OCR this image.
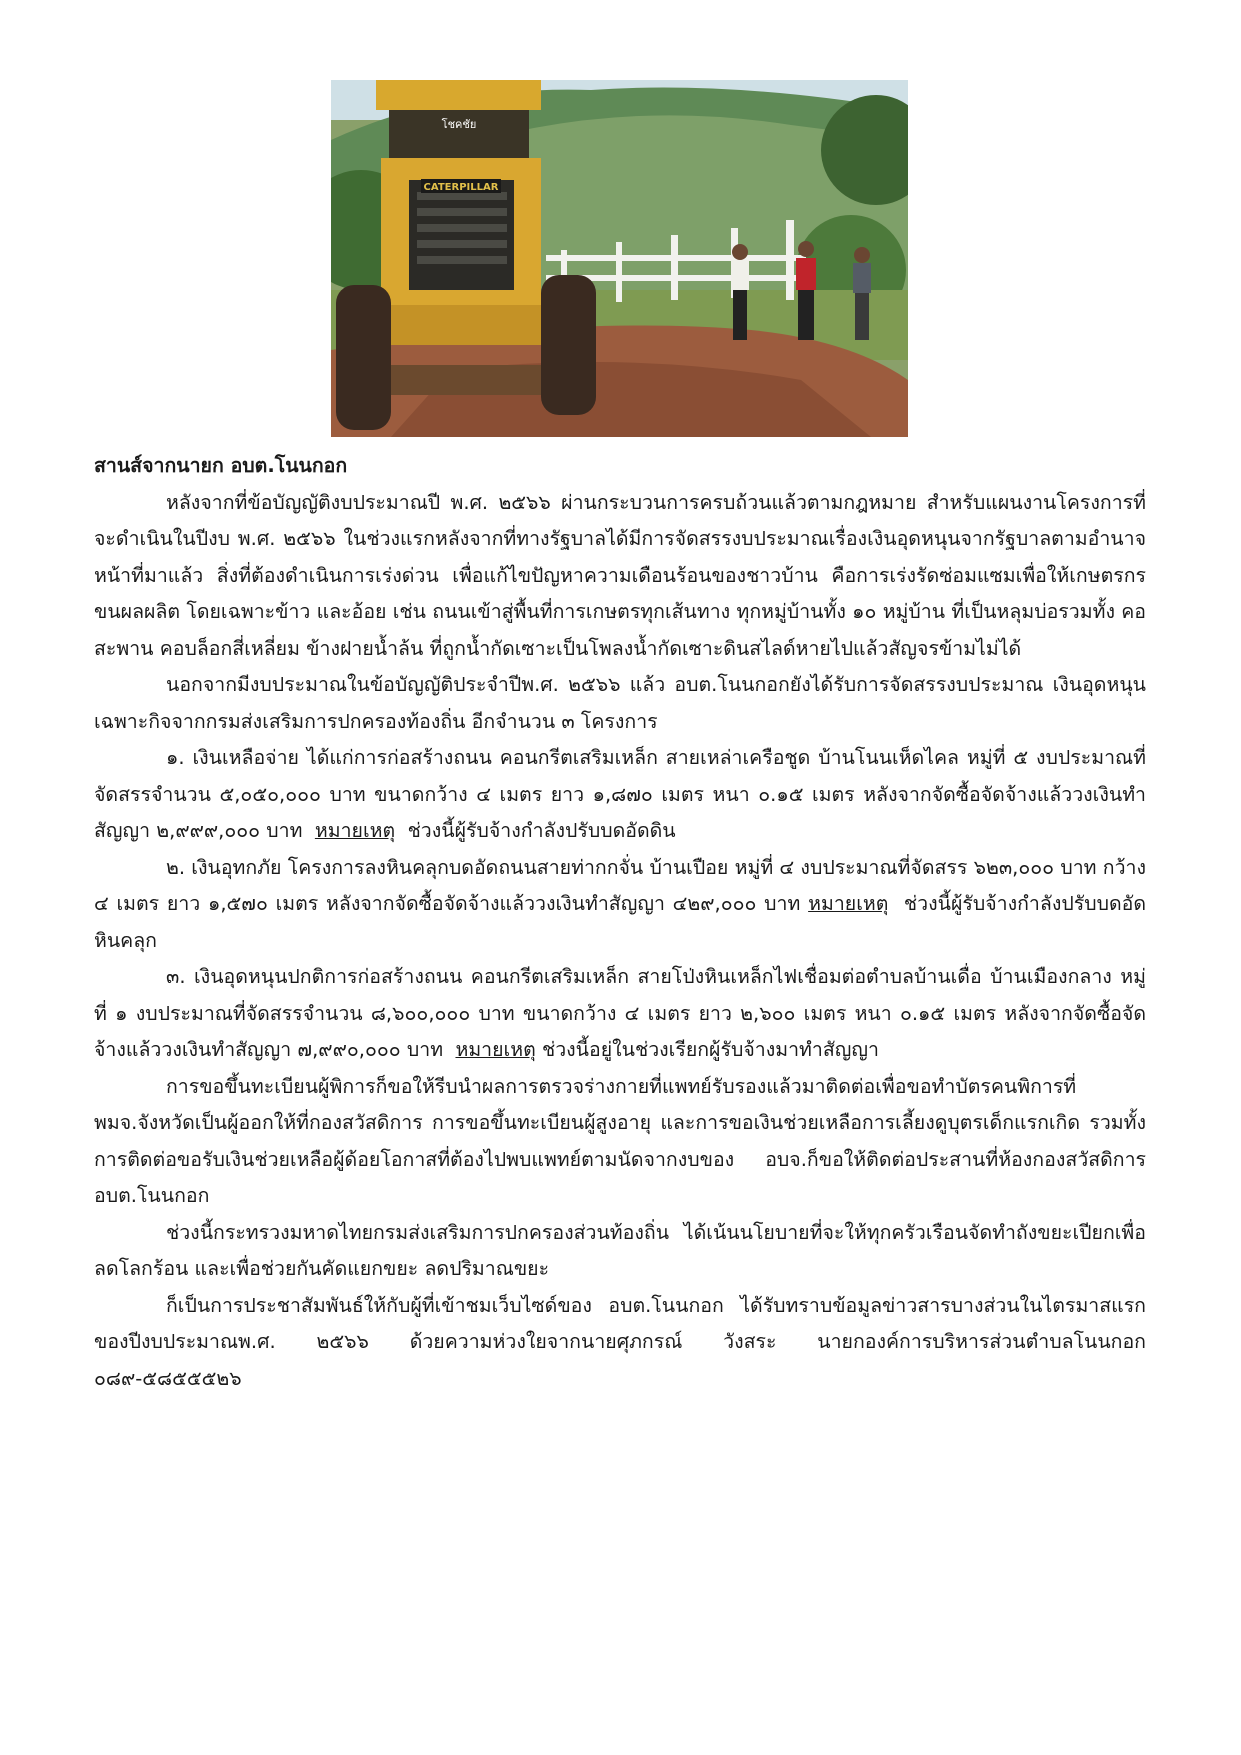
CATERPILLAR
โชคชัย

สานส์จากนายก อบต.โนนกอก

หลังจากที่ข้อบัญญัติงบประมาณปี พ.ศ. ๒๕๖๖ ผ่านกระบวนการครบถ้วนแล้วตามกฎหมาย สำหรับแผนงานโครงการที่จะดำเนินในปีงบ พ.ศ. ๒๕๖๖ ในช่วงแรกหลังจากที่ทางรัฐบาลได้มีการจัดสรรงบประมาณเรื่องเงินอุดหนุนจากรัฐบาลตามอำนาจหน้าที่มาแล้ว สิ่งที่ต้องดำเนินการเร่งด่วน เพื่อแก้ไขปัญหาความเดือนร้อนของชาวบ้าน คือการเร่งรัดซ่อมแซมเพื่อให้เกษตรกรขนผลผลิต โดยเฉพาะข้าว และอ้อย เช่น ถนนเข้าสู่พื้นที่การเกษตรทุกเส้นทาง ทุกหมู่บ้านทั้ง ๑๐ หมู่บ้าน ที่เป็นหลุมบ่อรวมทั้ง คอสะพาน คอบล็อกสี่เหลี่ยม ข้างฝายน้ำล้น ที่ถูกน้ำกัดเซาะเป็นโพลงน้ำกัดเซาะดินสไลด์หายไปแล้วสัญจรข้ามไม่ได้

นอกจากมีงบประมาณในข้อบัญญัติประจำปีพ.ศ. ๒๕๖๖ แล้ว อบต.โนนกอกยังได้รับการจัดสรรงบประมาณ เงินอุดหนุนเฉพาะกิจจากกรมส่งเสริมการปกครองท้องถิ่น อีกจำนวน ๓ โครงการ

๑. เงินเหลือจ่าย ได้แก่การก่อสร้างถนน คอนกรีตเสริมเหล็ก สายเหล่าเครือชูด บ้านโนนเห็ดไคล หมู่ที่ ๕ งบประมาณที่จัดสรรจำนวน ๕,๐๕๐,๐๐๐ บาท ขนาดกว้าง ๔ เมตร ยาว ๑,๘๗๐ เมตร หนา ๐.๑๕ เมตร หลังจากจัดซื้อจัดจ้างแล้ววงเงินทำสัญญา ๒,๙๙๙,๐๐๐ บาท หมายเหตุ ช่วงนี้ผู้รับจ้างกำลังปรับบดอัดดิน

๒. เงินอุทกภัย โครงการลงหินคลุกบดอัดถนนสายท่ากกจั่น บ้านเปือย หมู่ที่ ๔ งบประมาณที่จัดสรร ๖๒๓,๐๐๐ บาท กว้าง ๔ เมตร ยาว ๑,๕๗๐ เมตร หลังจากจัดซื้อจัดจ้างแล้ววงเงินทำสัญญา ๔๒๙,๐๐๐ บาท หมายเหตุ ช่วงนี้ผู้รับจ้างกำลังปรับบดอัดหินคลุก

๓. เงินอุดหนุนปกติการก่อสร้างถนน คอนกรีตเสริมเหล็ก สายโป่งหินเหล็กไฟเชื่อมต่อตำบลบ้านเดื่อ บ้านเมืองกลาง หมู่ที่ ๑ งบประมาณที่จัดสรรจำนวน ๘,๖๐๐,๐๐๐ บาท ขนาดกว้าง ๔ เมตร ยาว ๒,๖๐๐ เมตร หนา ๐.๑๕ เมตร หลังจากจัดซื้อจัดจ้างแล้ววงเงินทำสัญญา ๗,๙๙๐,๐๐๐ บาท หมายเหตุ ช่วงนี้อยู่ในช่วงเรียกผู้รับจ้างมาทำสัญญา

การขอขึ้นทะเบียนผู้พิการก็ขอให้รีบนำผลการตรวจร่างกายที่แพทย์รับรองแล้วมาติดต่อเพื่อขอทำบัตรคนพิการที่ พมจ.จังหวัดเป็นผู้ออกให้ที่กองสวัสดิการ การขอขึ้นทะเบียนผู้สูงอายุ และการขอเงินช่วยเหลือการเลี้ยงดูบุตรเด็กแรกเกิด รวมทั้ง การติดต่อขอรับเงินช่วยเหลือผู้ด้อยโอกาสที่ต้องไปพบแพทย์ตามนัดจากงบของ อบจ.ก็ขอให้ติดต่อประสานที่ห้องกองสวัสดิการ อบต.โนนกอก

ช่วงนี้กระทรวงมหาดไทยกรมส่งเสริมการปกครองส่วนท้องถิ่น ได้เน้นนโยบายที่จะให้ทุกครัวเรือนจัดทำถังขยะเปียกเพื่อลดโลกร้อน และเพื่อช่วยกันคัดแยกขยะ ลดปริมาณขยะ

ก็เป็นการประชาสัมพันธ์ให้กับผู้ที่เข้าชมเว็บไซด์ของ อบต.โนนกอก ได้รับทราบข้อมูลข่าวสารบางส่วนในไตรมาสแรก ของปีงบประมาณพ.ศ. ๒๕๖๖ ด้วยความห่วงใยจากนายศุภกรณ์ วังสระ นายกองค์การบริหารส่วนตำบลโนนกอก ๐๘๙-๕๘๕๕๕๒๖
